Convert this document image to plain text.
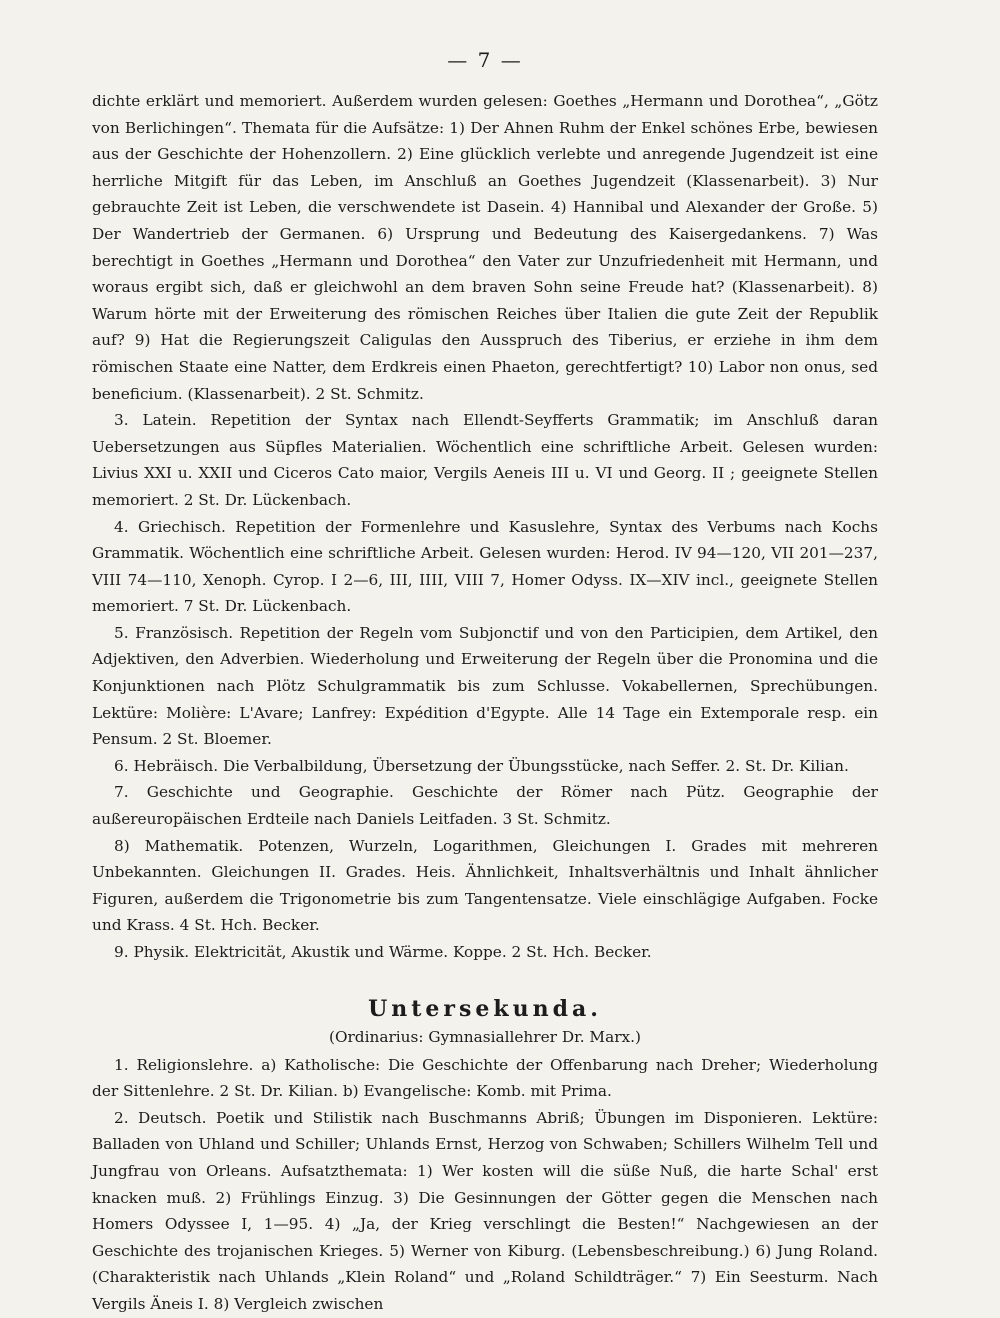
— 7 —

dichte erklärt und memoriert. Außerdem wurden gelesen: Goethes „Hermann und Dorothea“, „Götz von Berlichingen“. Themata für die Aufsätze: 1) Der Ahnen Ruhm der Enkel schönes Erbe, bewiesen aus der Geschichte der Hohenzollern. 2) Eine glücklich verlebte und anregende Jugendzeit ist eine herrliche Mitgift für das Leben, im Anschluß an Goethes Jugendzeit (Klassenarbeit). 3) Nur gebrauchte Zeit ist Leben, die verschwendete ist Dasein. 4) Hannibal und Alexander der Große. 5) Der Wandertrieb der Germanen. 6) Ursprung und Bedeutung des Kaisergedankens. 7) Was berechtigt in Goethes „Hermann und Dorothea“ den Vater zur Unzufriedenheit mit Hermann, und woraus ergibt sich, daß er gleichwohl an dem braven Sohn seine Freude hat? (Klassenarbeit). 8) Warum hörte mit der Erweiterung des römischen Reiches über Italien die gute Zeit der Republik auf? 9) Hat die Regierungszeit Caligulas den Ausspruch des Tiberius, er erziehe in ihm dem römischen Staate eine Natter, dem Erdkreis einen Phaeton, gerechtfertigt? 10) Labor non onus, sed beneficium. (Klassenarbeit). 2 St. Schmitz.

3. Latein. Repetition der Syntax nach Ellendt-Seyfferts Grammatik; im Anschluß daran Uebersetzungen aus Süpfles Materialien. Wöchentlich eine schriftliche Arbeit. Gelesen wurden: Livius XXI u. XXII und Ciceros Cato maior, Vergils Aeneis III u. VI und Georg. II ; geeignete Stellen memoriert. 2 St. Dr. Lückenbach.

4. Griechisch. Repetition der Formenlehre und Kasuslehre, Syntax des Verbums nach Kochs Grammatik. Wöchentlich eine schriftliche Arbeit. Gelesen wurden: Herod. IV 94—120, VII 201—237, VIII 74—110, Xenoph. Cyrop. I 2—6, III, IIII, VIII 7, Homer Odyss. IX—XIV incl., geeignete Stellen memoriert. 7 St. Dr. Lückenbach.

5. Französisch. Repetition der Regeln vom Subjonctif und von den Participien, dem Artikel, den Adjektiven, den Adverbien. Wiederholung und Erweiterung der Regeln über die Pronomina und die Konjunktionen nach Plötz Schulgrammatik bis zum Schlusse. Vokabellernen, Sprechübungen. Lektüre: Molière: L'Avare; Lanfrey: Expédition d'Egypte. Alle 14 Tage ein Extemporale resp. ein Pensum. 2 St. Bloemer.

6. Hebräisch. Die Verbalbildung, Übersetzung der Übungsstücke, nach Seffer. 2. St. Dr. Kilian.

7. Geschichte und Geographie. Geschichte der Römer nach Pütz. Geographie der außereuropäischen Erdteile nach Daniels Leitfaden. 3 St. Schmitz.

8) Mathematik. Potenzen, Wurzeln, Logarithmen, Gleichungen I. Grades mit mehreren Unbekannten. Gleichungen II. Grades. Heis. Ähnlichkeit, Inhaltsverhältnis und Inhalt ähnlicher Figuren, außerdem die Trigonometrie bis zum Tangentensatze. Viele einschlägige Aufgaben. Focke und Krass. 4 St. Hch. Becker.

9. Physik. Elektricität, Akustik und Wärme. Koppe. 2 St. Hch. Becker.

Untersekunda.
(Ordinarius: Gymnasiallehrer Dr. Marx.)

1. Religionslehre. a) Katholische: Die Geschichte der Offenbarung nach Dreher; Wiederholung der Sittenlehre. 2 St. Dr. Kilian. b) Evangelische: Komb. mit Prima.

2. Deutsch. Poetik und Stilistik nach Buschmanns Abriß; Übungen im Disponieren. Lektüre: Balladen von Uhland und Schiller; Uhlands Ernst, Herzog von Schwaben; Schillers Wilhelm Tell und Jungfrau von Orleans. Aufsatzthemata: 1) Wer kosten will die süße Nuß, die harte Schal' erst knacken muß. 2) Frühlings Einzug. 3) Die Gesinnungen der Götter gegen die Menschen nach Homers Odyssee I, 1—95. 4) „Ja, der Krieg verschlingt die Besten!“ Nachgewiesen an der Geschichte des trojanischen Krieges. 5) Werner von Kiburg. (Lebensbeschreibung.) 6) Jung Roland. (Charakteristik nach Uhlands „Klein Roland“ und „Roland Schildträger.“ 7) Ein Seesturm. Nach Vergils Äneis I. 8) Vergleich zwischen
